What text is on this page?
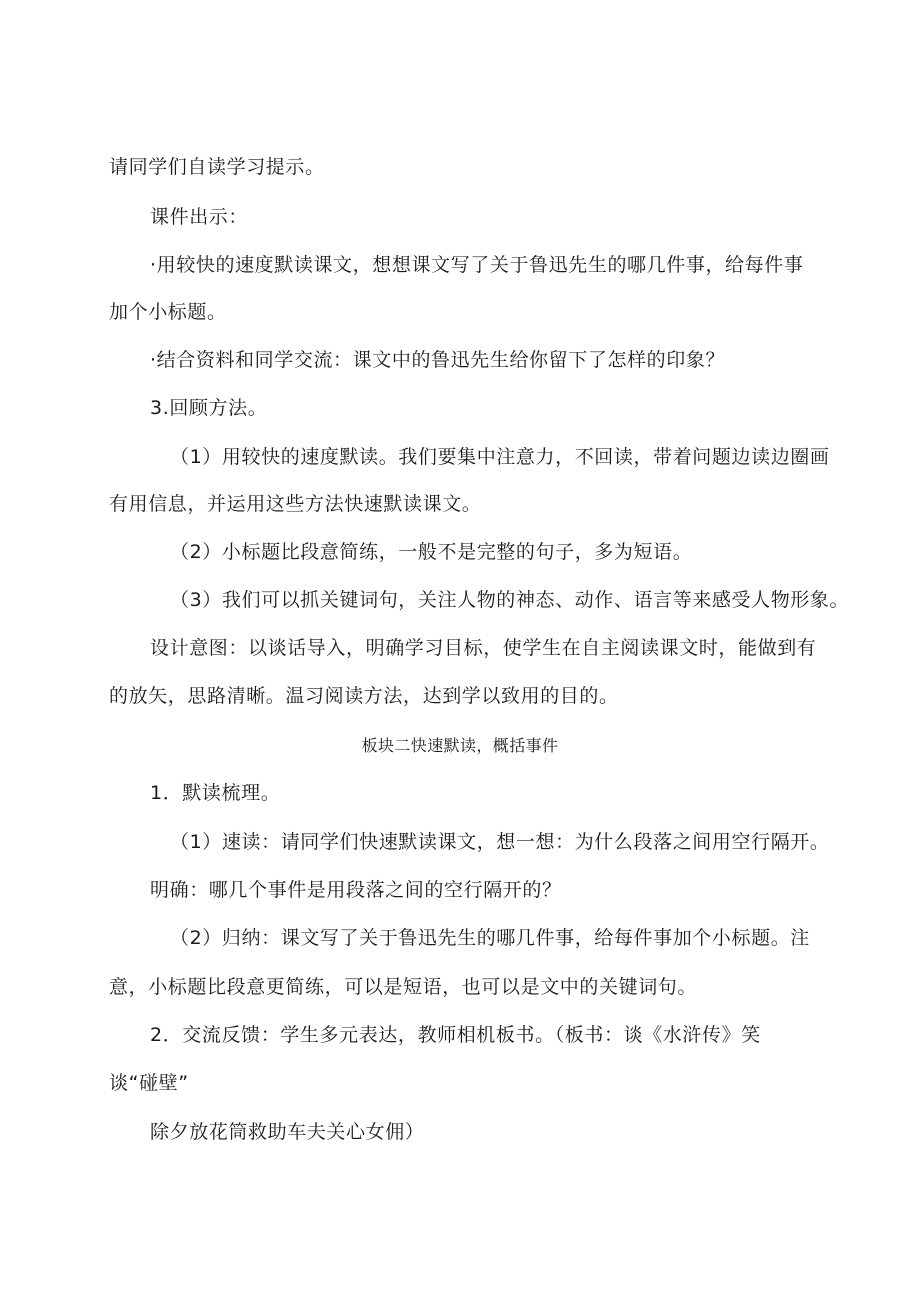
请同学们自读学习提示。
课件出示：
·用较快的速度默读课文，想想课文写了关于鲁迅先生的哪几件事，给每件事
加个小标题。
·结合资料和同学交流：课文中的鲁迅先生给你留下了怎样的印象？
3.回顾方法。
（1）用较快的速度默读。我们要集中注意力，不回读，带着问题边读边圈画
有用信息，并运用这些方法快速默读课文。
（2）小标题比段意简练，一般不是完整的句子，多为短语。
（3）我们可以抓关键词句，关注人物的神态、动作、语言等来感受人物形象。
设计意图：以谈话导入，明确学习目标，使学生在自主阅读课文时，能做到有
的放矢，思路清晰。温习阅读方法，达到学以致用的目的。
板块二快速默读，概括事件
1．默读梳理。
（1）速读：请同学们快速默读课文，想一想：为什么段落之间用空行隔开。
明确：哪几个事件是用段落之间的空行隔开的？
（2）归纳：课文写了关于鲁迅先生的哪几件事，给每件事加个小标题。注
意，小标题比段意更简练，可以是短语，也可以是文中的关键词句。
2．交流反馈：学生多元表达，教师相机板书。（板书：谈《水浒传》笑
谈“碰壁”
除夕放花筒救助车夫关心女佣）
